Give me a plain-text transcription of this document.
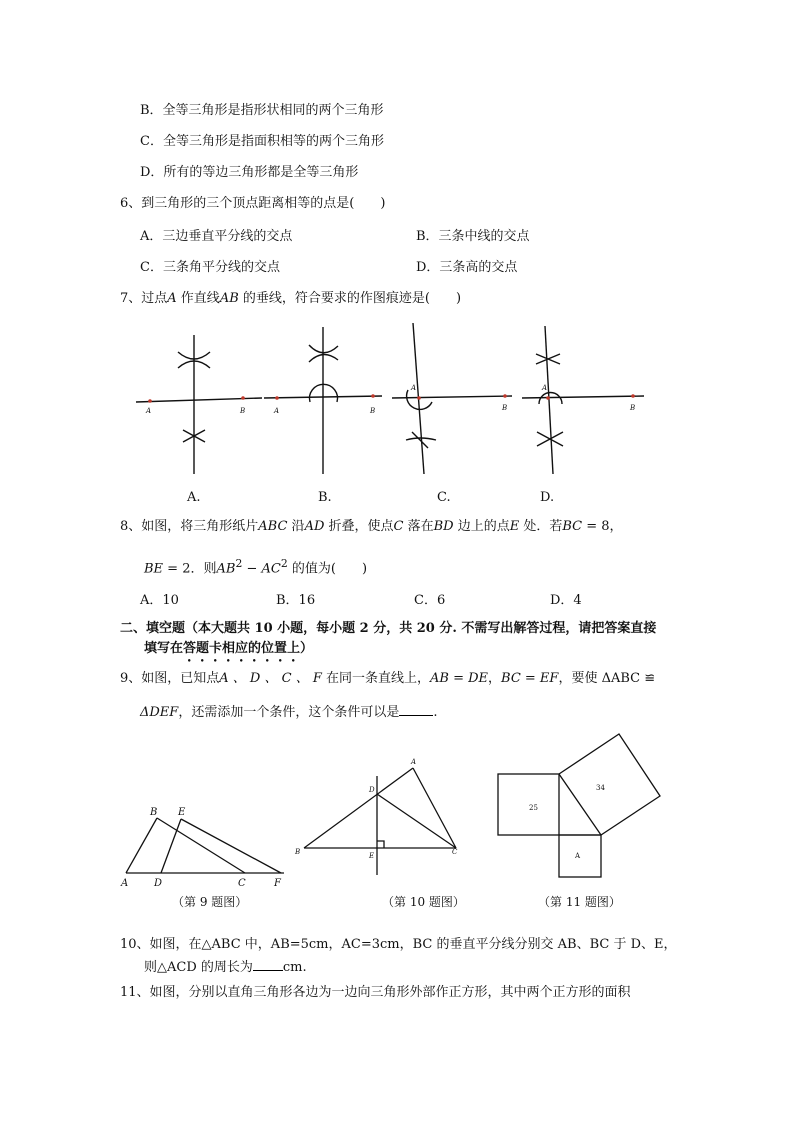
B．全等三角形是指形状相同的两个三角形
C．全等三角形是指面积相等的两个三角形
D．所有的等边三角形都是全等三角形
6、到三角形的三个顶点距离相等的点是(　　)
A．三边垂直平分线的交点	B．三条中线的交点
C．三条角平分线的交点	D．三条高的交点
7、过点A 作直线AB 的垂线，符合要求的作图痕迹是(　　)
A	B	A	B
A
B
A
B
A.	B.	C.	D.
8、如图，将三角形纸片ABC 沿AD 折叠，使点C 落在BD 边上的点E 处．若BC = 8，
BE = 2．则$AB^2 - AC^2$ 的值为(　　)
A．10	B．16	C．6	D．4
二、填空题（本大题共 10 小题，每小题 2 分，共 20 分. 不需写出解答过程，请把答案直接
填写在答题卡相应的位置上）
9、如图，已知点A 、 D 、 C 、 F 在同一条直线上，AB = DE，BC = EF，要使 ΔABC ≌
ΔDEF，还需添加一个条件，这个条件可以是	.
B E
A	D	C	F
A
D
B	E	C
25
34
A
（第 9 题图）	（第 10 题图）	（第 11 题图）
10、如图，在△ABC 中，AB=5cm，AC=3cm，BC 的垂直平分线分别交 AB、BC 于 D、E，
则△ACD 的周长为 cm.
11、如图，分别以直角三角形各边为一边向三角形外部作正方形，其中两个正方形的面积
